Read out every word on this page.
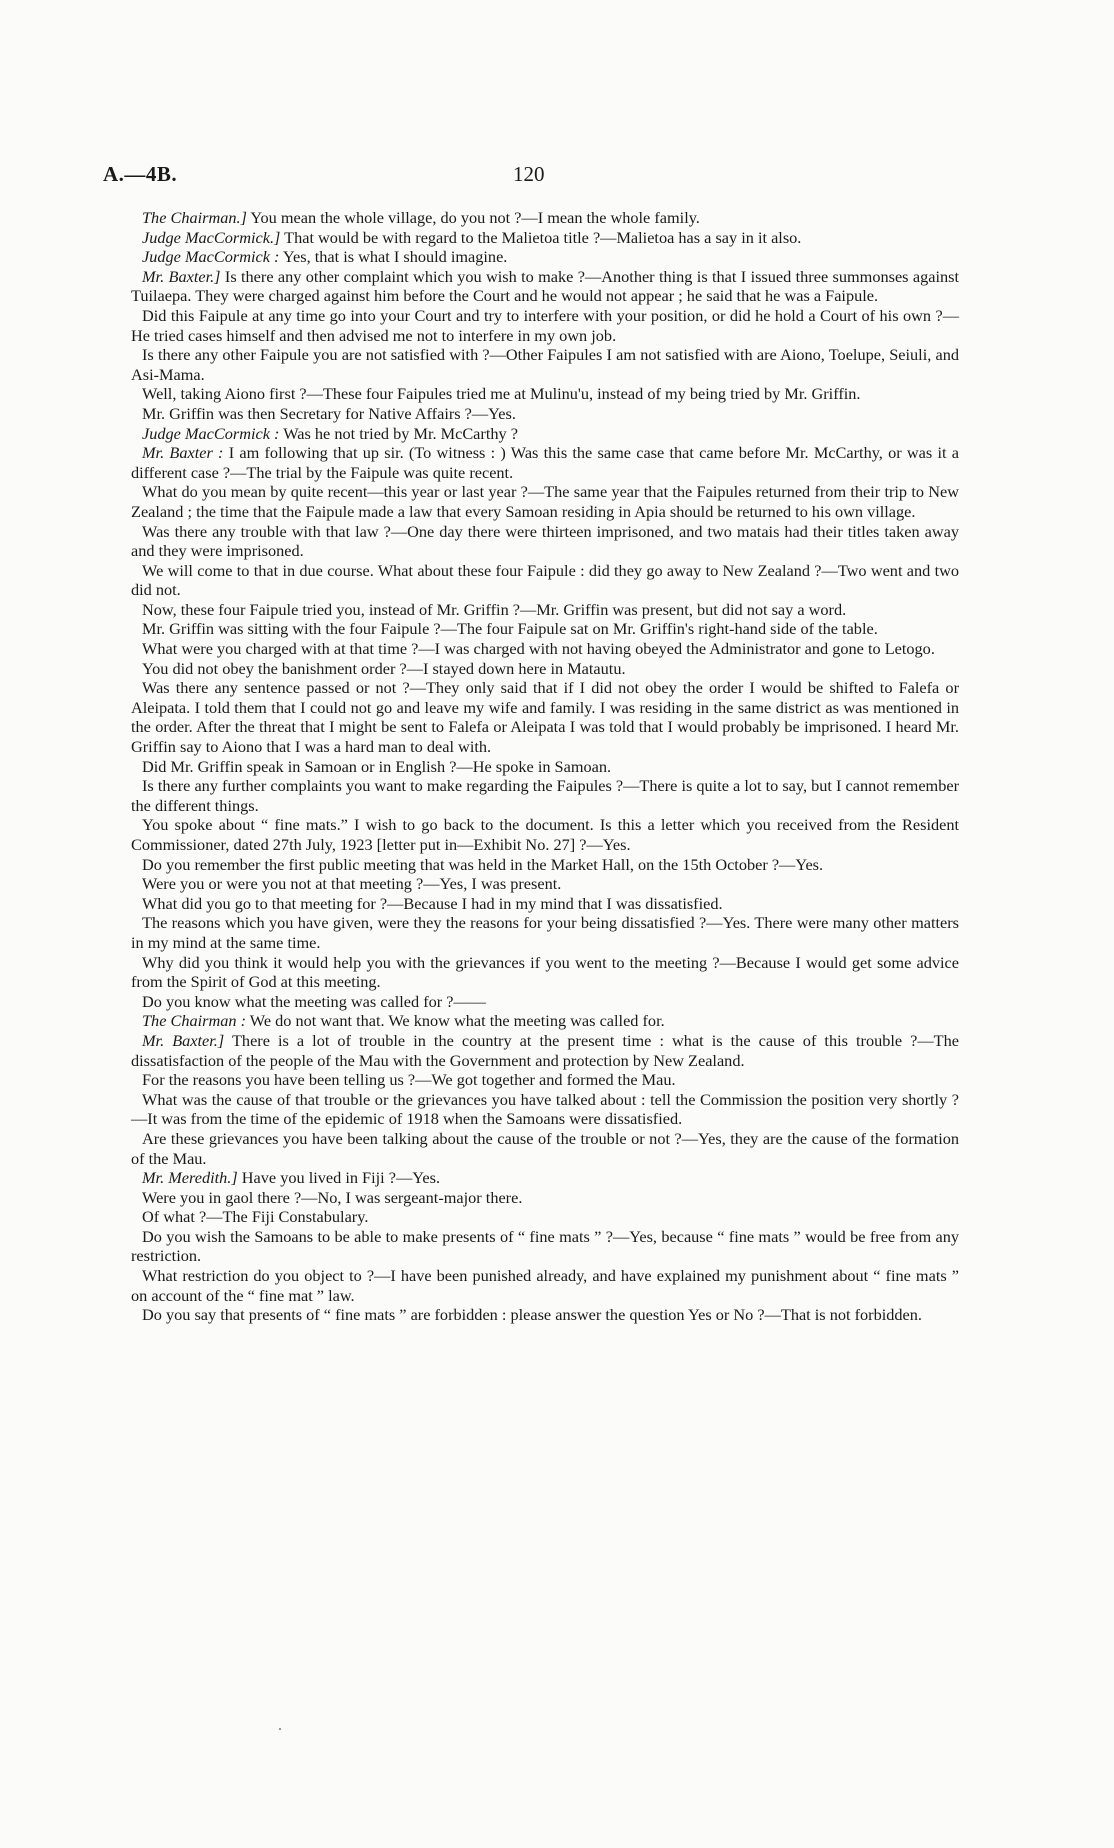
A.—4B.	120

The Chairman.] You mean the whole village, do you not ?—I mean the whole family.

Judge MacCormick.] That would be with regard to the Malietoa title ?—Malietoa has a say in it also.

Judge MacCormick : Yes, that is what I should imagine.

Mr. Baxter.] Is there any other complaint which you wish to make ?—Another thing is that I issued three summonses against Tuilaepa. They were charged against him before the Court and he would not appear ; he said that he was a Faipule.

Did this Faipule at any time go into your Court and try to interfere with your position, or did he hold a Court of his own ?—He tried cases himself and then advised me not to interfere in my own job.

Is there any other Faipule you are not satisfied with ?—Other Faipules I am not satisfied with are Aiono, Toelupe, Seiuli, and Asi-Mama.

Well, taking Aiono first ?—These four Faipules tried me at Mulinu'u, instead of my being tried by Mr. Griffin.

Mr. Griffin was then Secretary for Native Affairs ?—Yes.

Judge MacCormick : Was he not tried by Mr. McCarthy ?

Mr. Baxter : I am following that up sir. (To witness : ) Was this the same case that came before Mr. McCarthy, or was it a different case ?—The trial by the Faipule was quite recent.

What do you mean by quite recent—this year or last year ?—The same year that the Faipules returned from their trip to New Zealand ; the time that the Faipule made a law that every Samoan residing in Apia should be returned to his own village.

Was there any trouble with that law ?—One day there were thirteen imprisoned, and two matais had their titles taken away and they were imprisoned.

We will come to that in due course. What about these four Faipule : did they go away to New Zealand ?—Two went and two did not.

Now, these four Faipule tried you, instead of Mr. Griffin ?—Mr. Griffin was present, but did not say a word.

Mr. Griffin was sitting with the four Faipule ?—The four Faipule sat on Mr. Griffin's right-hand side of the table.

What were you charged with at that time ?—I was charged with not having obeyed the Administrator and gone to Letogo.

You did not obey the banishment order ?—I stayed down here in Matautu.

Was there any sentence passed or not ?—They only said that if I did not obey the order I would be shifted to Falefa or Aleipata. I told them that I could not go and leave my wife and family. I was residing in the same district as was mentioned in the order. After the threat that I might be sent to Falefa or Aleipata I was told that I would probably be imprisoned. I heard Mr. Griffin say to Aiono that I was a hard man to deal with.

Did Mr. Griffin speak in Samoan or in English ?—He spoke in Samoan.

Is there any further complaints you want to make regarding the Faipules ?—There is quite a lot to say, but I cannot remember the different things.

You spoke about “ fine mats.” I wish to go back to the document. Is this a letter which you received from the Resident Commissioner, dated 27th July, 1923 [letter put in—Exhibit No. 27] ?—Yes.

Do you remember the first public meeting that was held in the Market Hall, on the 15th October ?—Yes.

Were you or were you not at that meeting ?—Yes, I was present.

What did you go to that meeting for ?—Because I had in my mind that I was dissatisfied.

The reasons which you have given, were they the reasons for your being dissatisfied ?—Yes. There were many other matters in my mind at the same time.

Why did you think it would help you with the grievances if you went to the meeting ?—Because I would get some advice from the Spirit of God at this meeting.

Do you know what the meeting was called for ?——

The Chairman : We do not want that. We know what the meeting was called for.

Mr. Baxter.] There is a lot of trouble in the country at the present time : what is the cause of this trouble ?—The dissatisfaction of the people of the Mau with the Government and protection by New Zealand.

For the reasons you have been telling us ?—We got together and formed the Mau.

What was the cause of that trouble or the grievances you have talked about : tell the Commission the position very shortly ?—It was from the time of the epidemic of 1918 when the Samoans were dissatisfied.

Are these grievances you have been talking about the cause of the trouble or not ?—Yes, they are the cause of the formation of the Mau.

Mr. Meredith.] Have you lived in Fiji ?—Yes.

Were you in gaol there ?—No, I was sergeant-major there.

Of what ?—The Fiji Constabulary.

Do you wish the Samoans to be able to make presents of “ fine mats ” ?—Yes, because “ fine mats ” would be free from any restriction.

What restriction do you object to ?—I have been punished already, and have explained my punishment about “ fine mats ” on account of the “ fine mat ” law.

Do you say that presents of “ fine mats ” are forbidden : please answer the question Yes or No ?—That is not forbidden.
